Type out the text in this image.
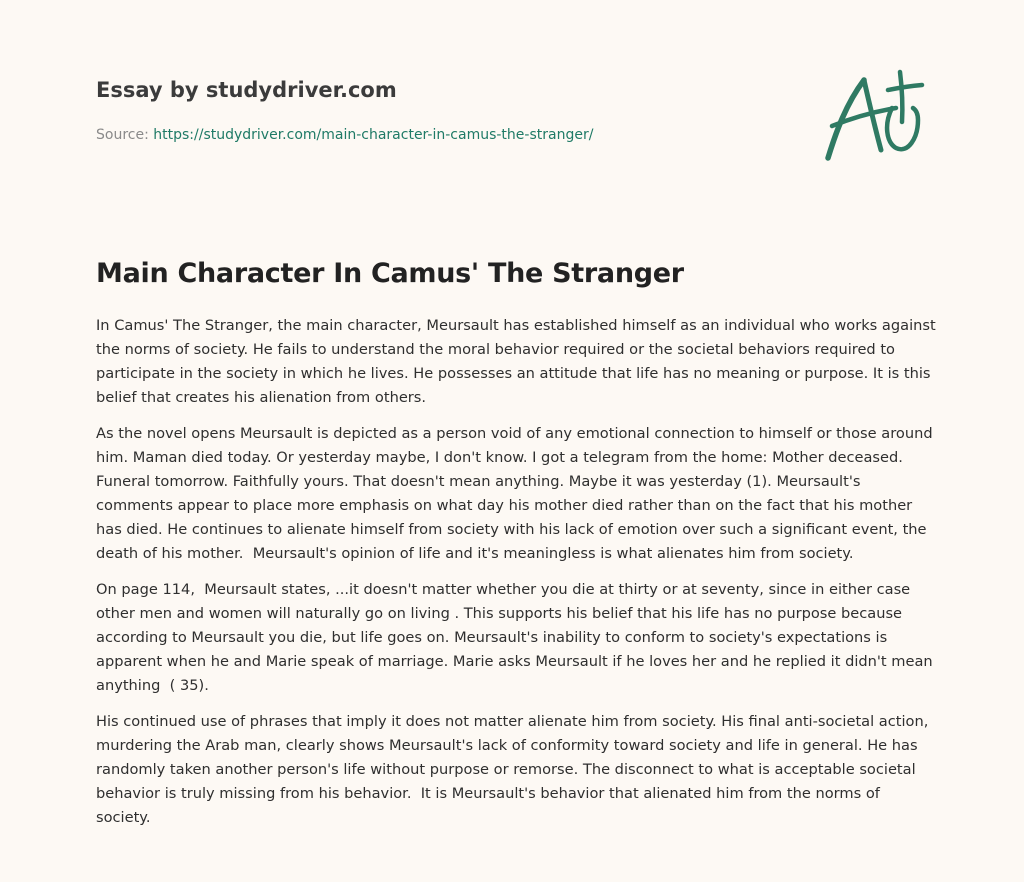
Essay by studydriver.com
Source: https://studydriver.com/main-character-in-camus-the-stranger/
Main Character In Camus' The Stranger

In Camus' The Stranger, the main character, Meursault has established himself as an individual who works against the norms of society. He fails to understand the moral behavior required or the societal behaviors required to participate in the society in which he lives. He possesses an attitude that life has no meaning or purpose. It is this belief that creates his alienation from others.

As the novel opens Meursault is depicted as a person void of any emotional connection to himself or those around him. Maman died today. Or yesterday maybe, I don't know. I got a telegram from the home: Mother deceased. Funeral tomorrow. Faithfully yours. That doesn't mean anything. Maybe it was yesterday (1). Meursault's comments appear to place more emphasis on what day his mother died rather than on the fact that his mother has died. He continues to alienate himself from society with his lack of emotion over such a significant event, the death of his mother.  Meursault's opinion of life and it's meaningless is what alienates him from society.

On page 114,  Meursault states, ...it doesn't matter whether you die at thirty or at seventy, since in either case other men and women will naturally go on living . This supports his belief that his life has no purpose because according to Meursault you die, but life goes on. Meursault's inability to conform to society's expectations is apparent when he and Marie speak of marriage. Marie asks Meursault if he loves her and he replied it didn't mean anything  ( 35).

His continued use of phrases that imply it does not matter alienate him from society. His final anti-societal action, murdering the Arab man, clearly shows Meursault's lack of conformity toward society and life in general. He has randomly taken another person's life without purpose or remorse. The disconnect to what is acceptable societal behavior is truly missing from his behavior.  It is Meursault's behavior that alienated him from the norms of society.
